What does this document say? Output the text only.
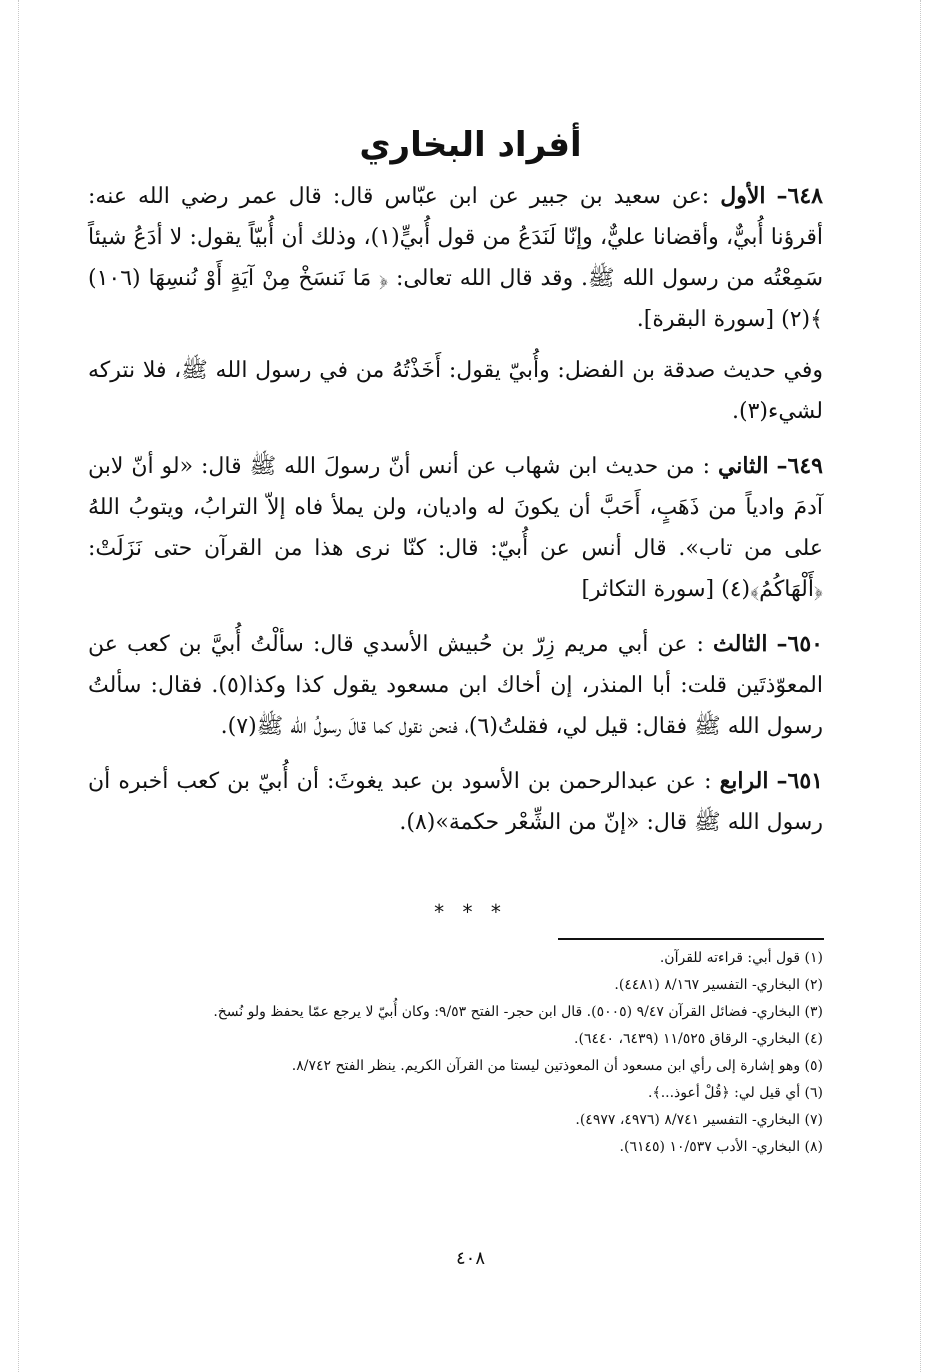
أفراد البخاري

٦٤٨– الأول :عن سعيد بن جبير عن ابن عبّاس قال: قال عمر رضي الله عنه: أقرؤنا أُبيٌّ، وأقضانا عليٌّ، وإنّا لَنَدَعُ من قول أُبيٍّ(١)، وذلك أن أُبيّاً يقول: لا أدَعُ شيئاً سَمِعْتُه من رسول الله ﷺ. وقد قال الله تعالى: ﴿ مَا نَنسَخْ مِنْ آيَةٍ أَوْ نُنسِهَا (١٠٦) ﴾(٢) [سورة البقرة].

وفي حديث صدقة بن الفضل: وأُبيّ يقول: أَخَذْتُهُ من في رسول الله ﷺ، فلا نتركه لشيء(٣).

٦٤٩– الثاني : من حديث ابن شهاب عن أنس أنّ رسولَ الله ﷺ قال: «لو أنّ لابن آدمَ وادياً من ذَهَبٍ، أَحَبَّ أن يكونَ له واديان، ولن يملأ فاه إلاّ الترابُ، ويتوبُ اللهُ على من تاب». قال أنس عن أُبيّ: قال: كنّا نرى هذا من القرآن حتى نَزَلَتْ: ﴿أَلْهَاكُمُ﴾(٤) [سورة التكاثر]

٦٥٠– الثالث : عن أبي مريم زِرّ بن حُبيش الأسدي قال: سألْتُ أُبيَّ بن كعب عن المعوّذتَين قلت: أبا المنذر، إن أخاك ابن مسعود يقول كذا وكذا(٥). فقال: سألتُ رسول الله ﷺ فقال: قيل لي، فقلتُ(٦)، فنحن نقول كما قالَ رسولُ الله ﷺ(٧).

٦٥١– الرابع : عن عبدالرحمن بن الأسود بن عبد يغوثَ: أن أُبيّ بن كعب أخبره أن رسول الله ﷺ قال: «إنّ من الشِّعْر حكمة»(٨).

* * *

(١) قول أبي: قراءته للقرآن.

(٢) البخاري- التفسير ٨/١٦٧ (٤٤٨١).

(٣) البخاري- فضائل القرآن ٩/٤٧ (٥٠٠٥). قال ابن حجر- الفتح ٩/٥٣: وكان أُبيّ لا يرجع عمّا يحفظ ولو نُسخ.

(٤) البخاري- الرقاق ١١/٥٢٥ (٦٤٣٩، ٦٤٤٠).

(٥) وهو إشارة إلى رأي ابن مسعود أن المعوذتين ليستا من القرآن الكريم. ينظر الفتح ٨/٧٤٢.

(٦) أي قيل لي: ﴿قُلْ أعوذ...﴾.

(٧) البخاري- التفسير ٨/٧٤١ (٤٩٧٦، ٤٩٧٧).

(٨) البخاري- الأدب ١٠/٥٣٧ (٦١٤٥).

٤٠٨
